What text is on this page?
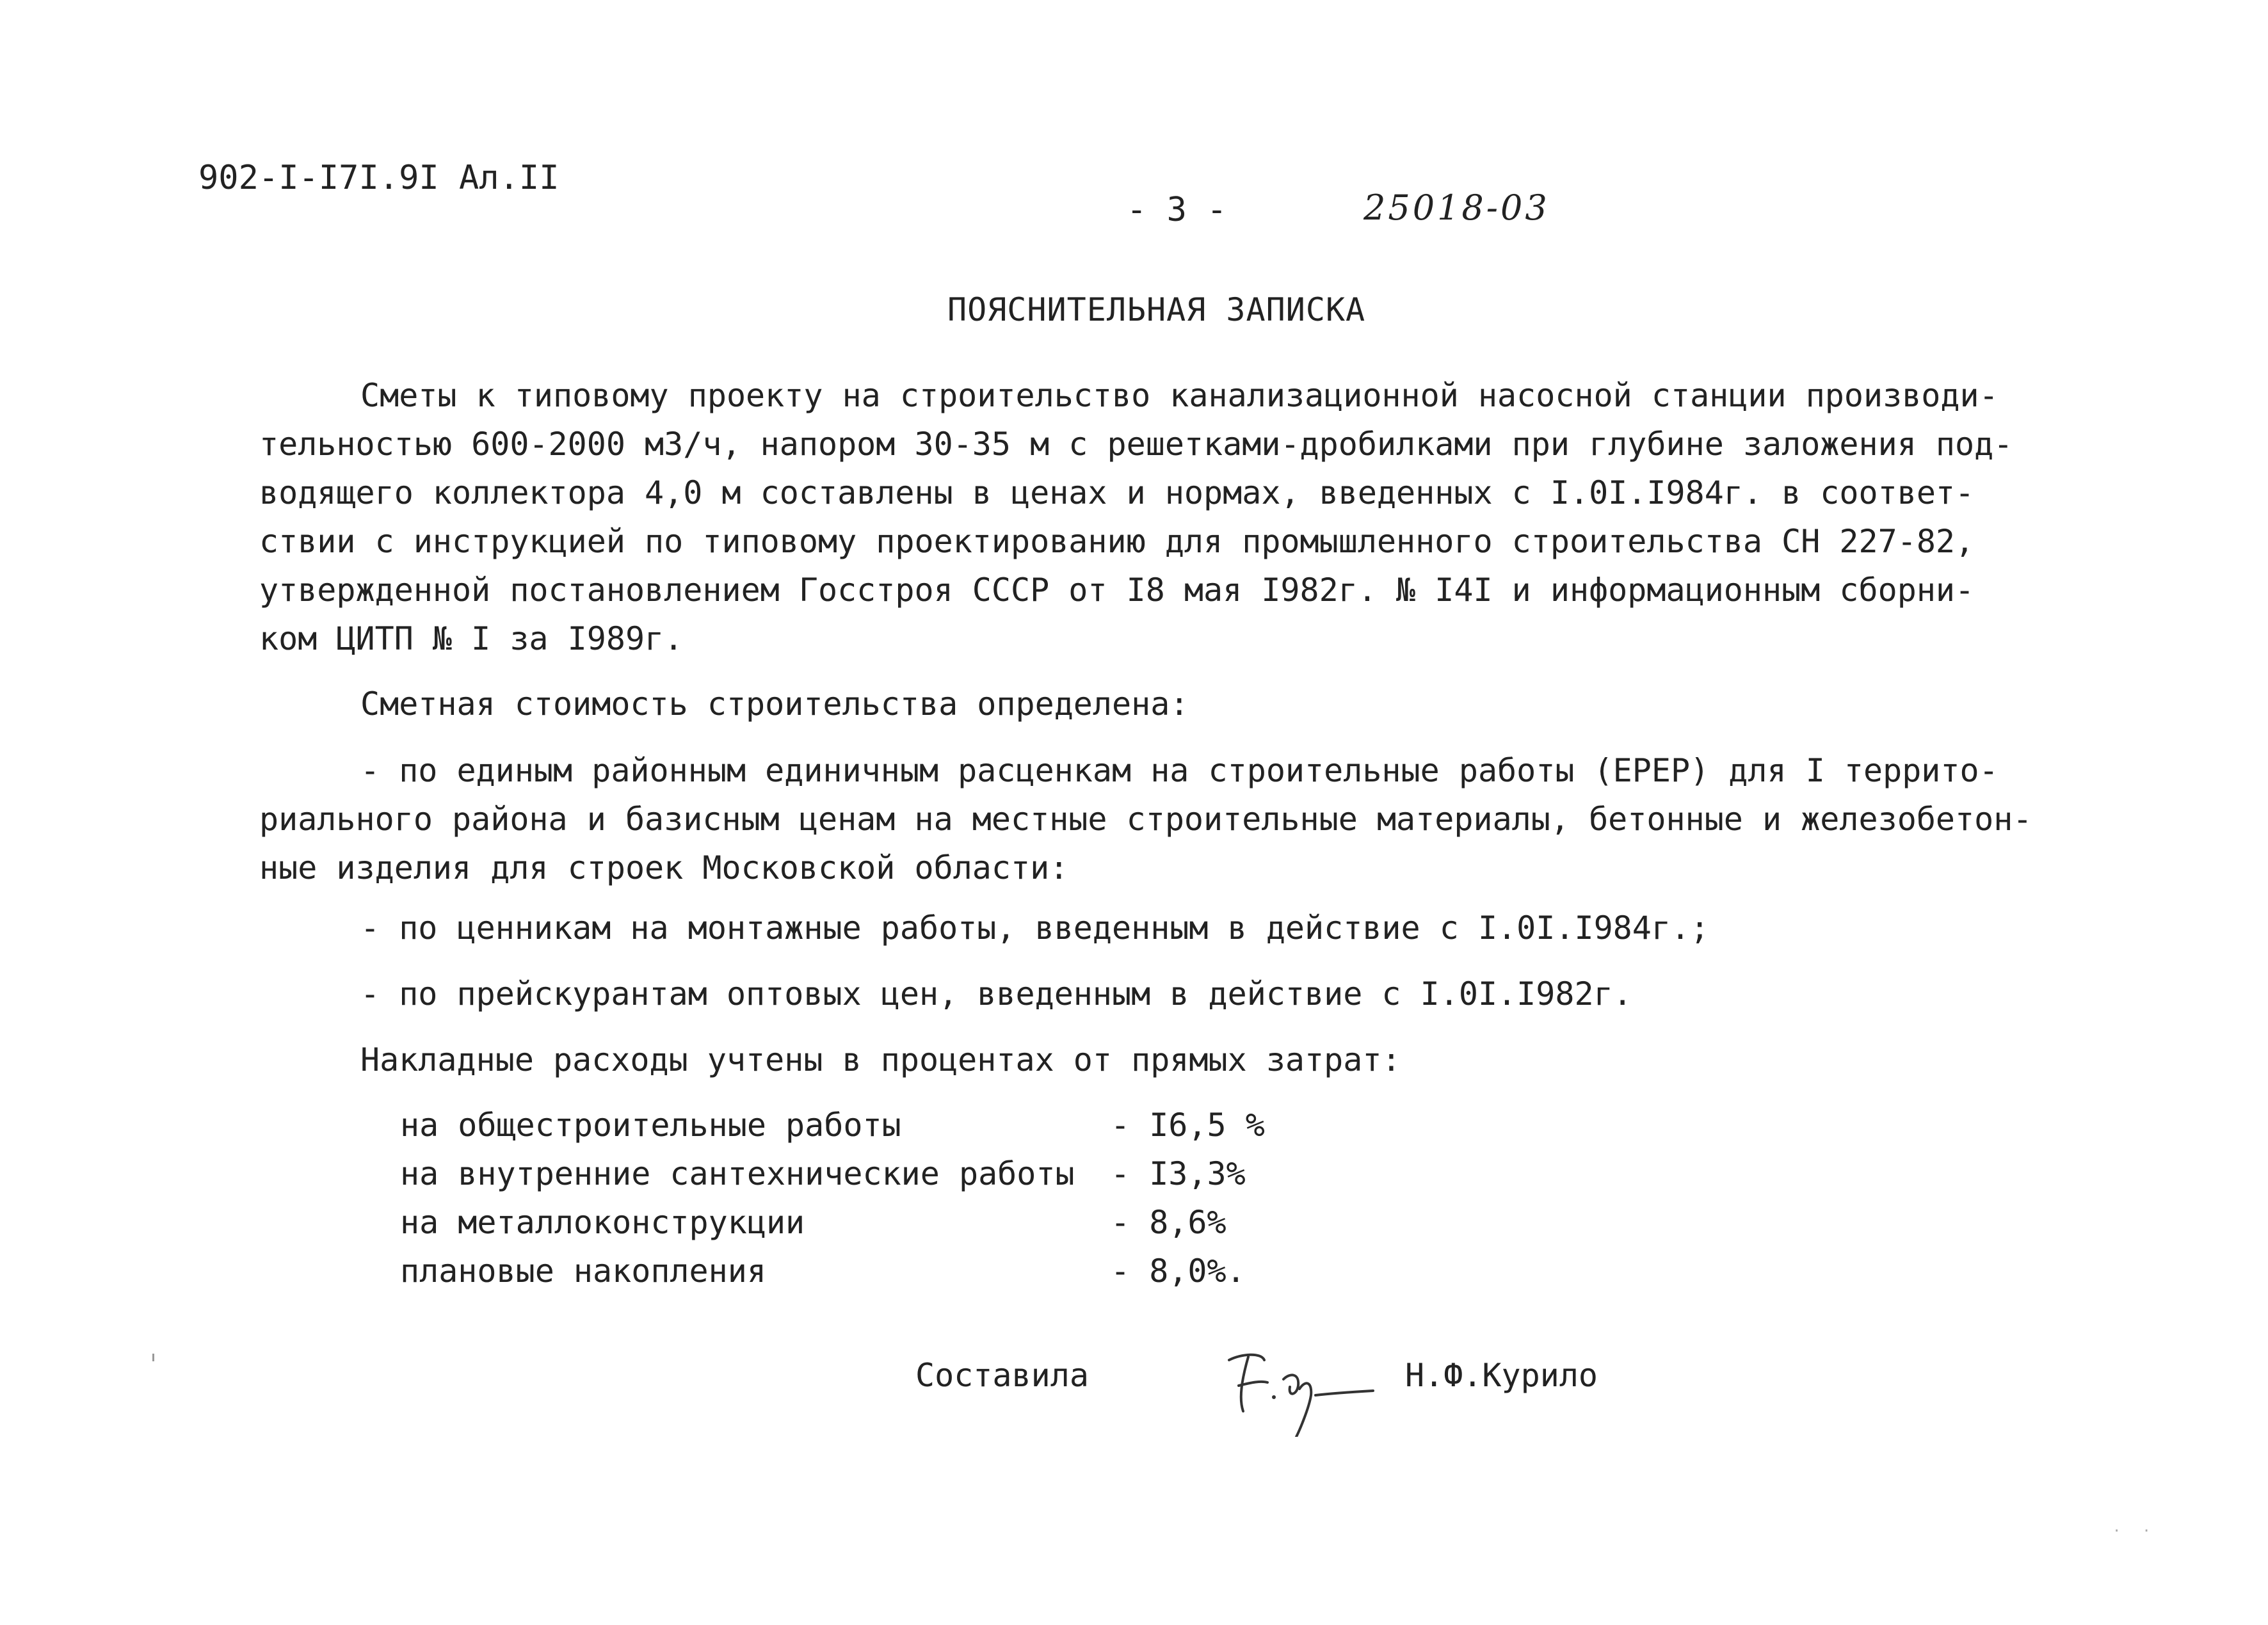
902-I-I7I.9I Ал.II
- 3 -	25018-03
ПОЯСНИТЕЛЬНАЯ ЗАПИСКА
Сметы к типовому проекту на строительство канализационной насосной станции производи-
тельностью 600-2000 м3/ч, напором 30-35 м с решетками-дробилками при глубине заложения под-
водящего коллектора 4,0 м составлены в ценах и нормах, введенных с I.0I.I984г. в соответ-
ствии с инструкцией по типовому проектированию для промышленного строительства СН 227-82,
утвержденной постановлением Госстроя СССР от I8 мая I982г. № I4I и информационным сборни-
ком ЦИТП № I за I989г.
Сметная стоимость строительства определена:
- по единым районным единичным расценкам на строительные работы (ЕРЕР) для I террито-
риального района и базисным ценам на местные строительные материалы, бетонные и железобетон-
ные изделия для строек Московской области:
- по ценникам на монтажные работы, введенным в действие с I.0I.I984г.;
- по прейскурантам оптовых цен, введенным в действие с I.0I.I982г.
Накладные расходы учтены в процентах от прямых затрат:
на общестроительные работы	- I6,5 %
на внутренние сантехнические работы	- I3,3%
на металлоконструкции	- 8,6%
плановые накопления	- 8,0%.
Составила	Н.Ф.Курило
· ·
